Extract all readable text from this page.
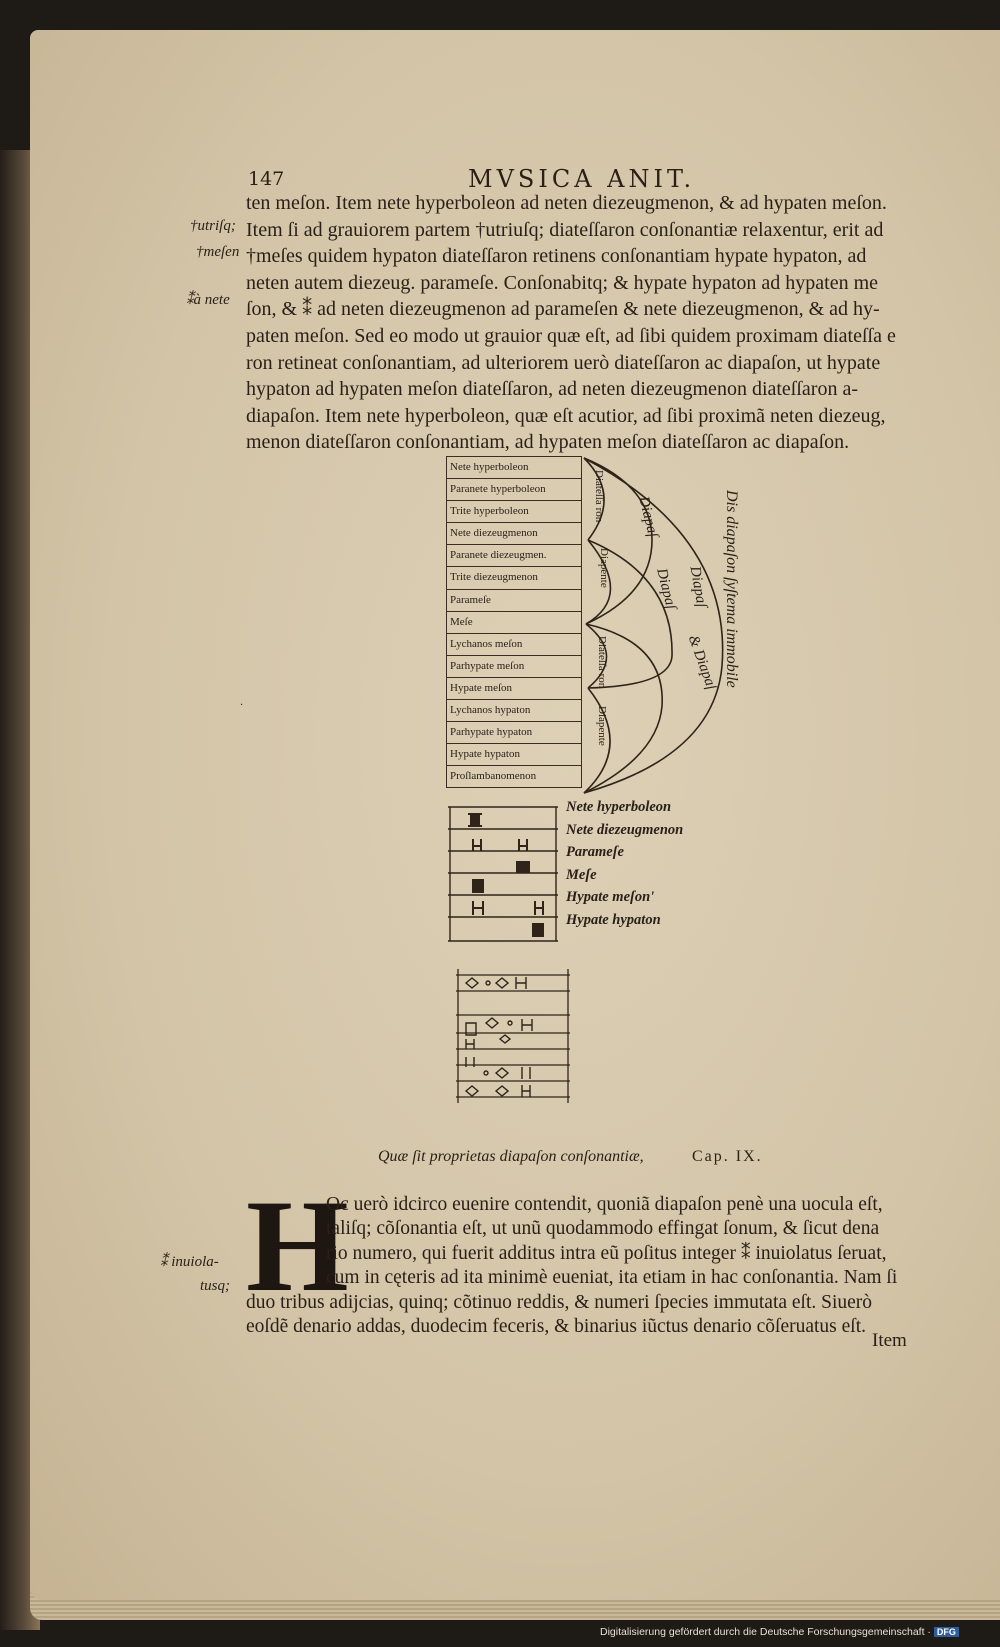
147	MVSICA ANIT.
ten meſon. Item nete hyperboleon ad neten diezeugmenon, & ad hypaten meſon.
Item ſi ad grauiorem partem †utriuſq; diateſſaron conſonantiæ relaxentur, erit ad
†meſes quidem hypaton diateſſaron retinens conſonantiam hypate hypaton, ad
neten autem diezeug. parameſe. Conſonabitq; & hypate hypaton ad hypaten me
ſon, & ⁑ ad neten diezeugmenon ad parameſen & nete diezeugmenon, & ad hy-
paten meſon. Sed eo modo ut grauior quæ eſt, ad ſibi quidem proximam diateſſa e
ron retineat conſonantiam, ad ulteriorem uerò diateſſaron ac diapaſon, ut hypate
hypaton ad hypaten meſon diateſſaron, ad neten diezeugmenon diateſſaron a-
diapaſon. Item nete hyperboleon, quæ eſt acutior, ad ſibi proximã neten diezeug,
menon diateſſaron conſonantiam, ad hypaten meſon diateſſaron ac diapaſon.
†utriſq;
†meſen
⁑à nete
·
Nete hyperboleon
Paranete hyperboleon
Trite hyperboleon
Nete diezeugmenon
Paranete diezeugmen.
Trite diezeugmenon
Parameſe
Meſe
Lychanos meſon
Parhypate meſon
Hypate meſon
Lychanos hypaton
Parhypate hypaton
Hypate hypaton
Proſlambanomenon
Diateſſa ron
Diapente
Diateſſa ron
Diapente
Diapaſ
Diapaſ Diapaſ
& Diapaſ Dis diapaſon ſyſtema immobile
Nete hyperboleon
Nete diezeugmenon
Parameſe
Meſe
Hypate meſon'
Hypate hypaton
Quæ ſit proprietas diapaſon conſonantiæ,	Cap. IX.
H
Oc uerò idcirco euenire contendit, quoniã diapaſon penè una uocula eſt,
taliſq; cõſonantia eſt, ut unũ quodammodo effingat ſonum, & ſicut dena
rio numero, qui fuerit additus intra eũ poſitus integer ⁑ inuiolatus ſeruat,
cum in cęteris ad ita minimè eueniat, ita etiam in hac conſonantia. Nam ſi
duo tribus adijcias, quinq; cõtinuo reddis, & numeri ſpecies immutata eſt. Siuerò
eoſdẽ denario addas, duodecim feceris, & binarius iũctus denario cõſeruatus eſt.
⁑ inuiola-
tusq;
Item
Digitalisierung gefördert durch die Deutsche Forschungsgemeinschaft · DFG
